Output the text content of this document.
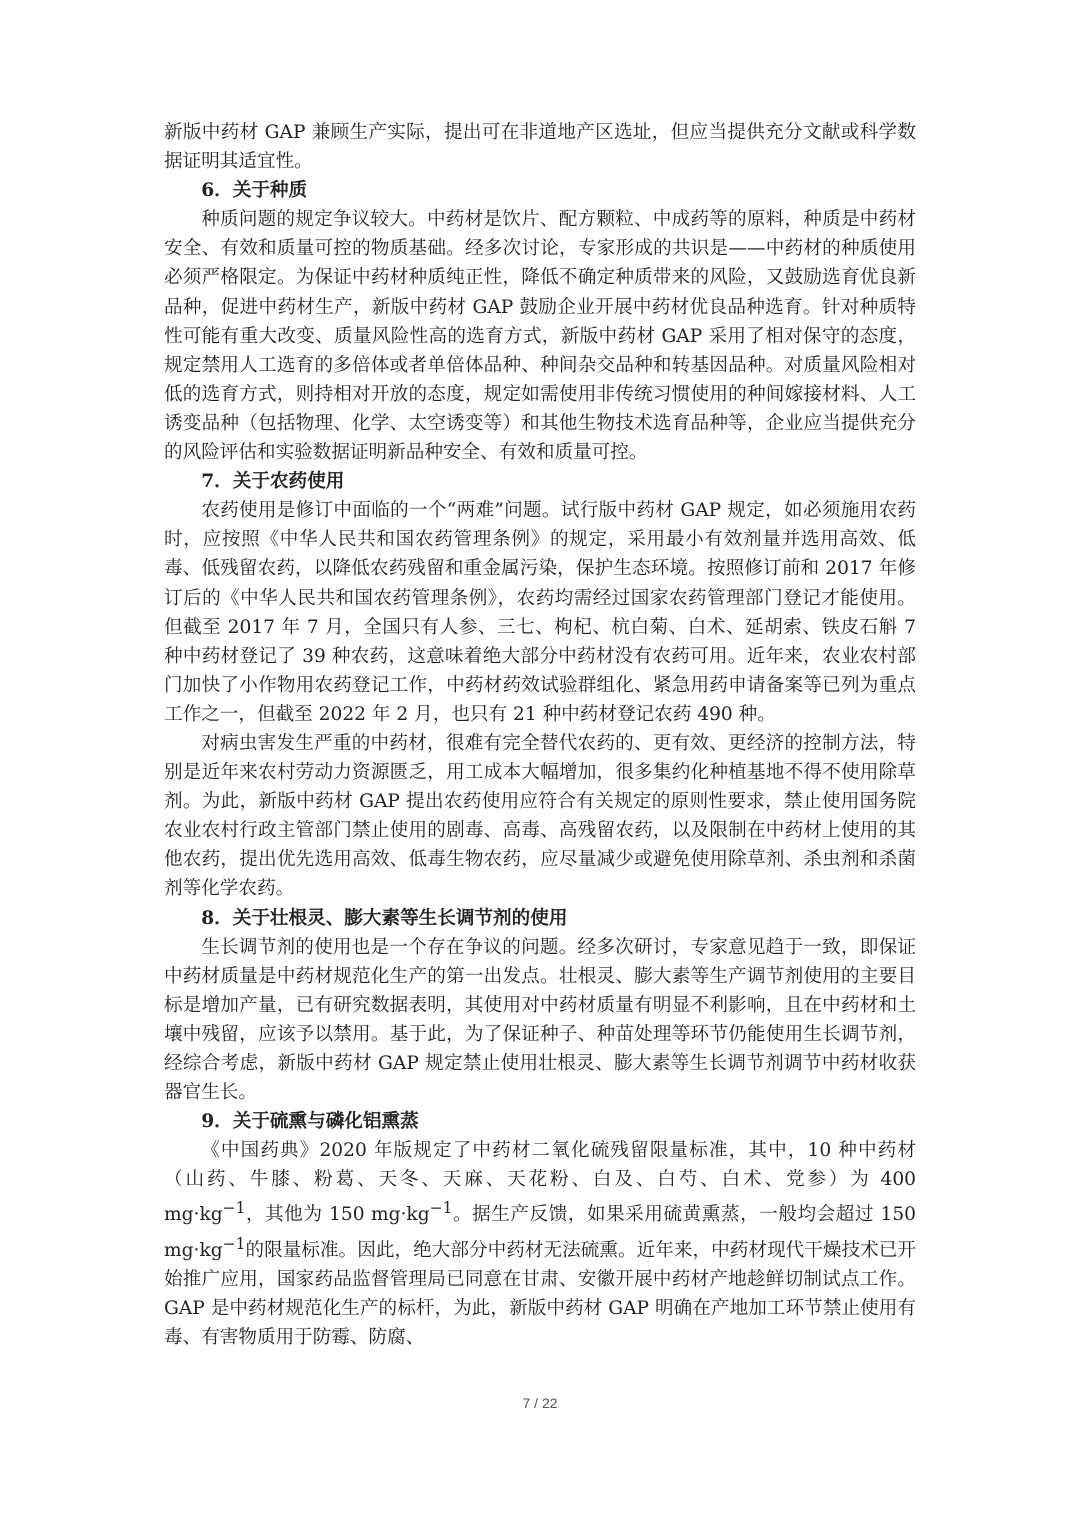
新版中药材 GAP 兼顾生产实际，提出可在非道地产区选址，但应当提供充分文献或科学数据证明其适宜性。

6．关于种质

种质问题的规定争议较大。中药材是饮片、配方颗粒、中成药等的原料，种质是中药材安全、有效和质量可控的物质基础。经多次讨论，专家形成的共识是——中药材的种质使用必须严格限定。为保证中药材种质纯正性，降低不确定种质带来的风险，又鼓励选育优良新品种，促进中药材生产，新版中药材 GAP 鼓励企业开展中药材优良品种选育。针对种质特性可能有重大改变、质量风险性高的选育方式，新版中药材 GAP 采用了相对保守的态度，规定禁用人工选育的多倍体或者单倍体品种、种间杂交品种和转基因品种。对质量风险相对低的选育方式，则持相对开放的态度，规定如需使用非传统习惯使用的种间嫁接材料、人工诱变品种（包括物理、化学、太空诱变等）和其他生物技术选育品种等，企业应当提供充分的风险评估和实验数据证明新品种安全、有效和质量可控。

7．关于农药使用

农药使用是修订中面临的一个“两难”问题。试行版中药材 GAP 规定，如必须施用农药时，应按照《中华人民共和国农药管理条例》的规定，采用最小有效剂量并选用高效、低毒、低残留农药，以降低农药残留和重金属污染，保护生态环境。按照修订前和 2017 年修订后的《中华人民共和国农药管理条例》，农药均需经过国家农药管理部门登记才能使用。但截至 2017 年 7 月，全国只有人参、三七、枸杞、杭白菊、白术、延胡索、铁皮石斛 7 种中药材登记了 39 种农药，这意味着绝大部分中药材没有农药可用。近年来，农业农村部门加快了小作物用农药登记工作，中药材药效试验群组化、紧急用药申请备案等已列为重点工作之一，但截至 2022 年 2 月，也只有 21 种中药材登记农药 490 种。

对病虫害发生严重的中药材，很难有完全替代农药的、更有效、更经济的控制方法，特别是近年来农村劳动力资源匮乏，用工成本大幅增加，很多集约化种植基地不得不使用除草剂。为此，新版中药材 GAP 提出农药使用应符合有关规定的原则性要求，禁止使用国务院农业农村行政主管部门禁止使用的剧毒、高毒、高残留农药，以及限制在中药材上使用的其他农药，提出优先选用高效、低毒生物农药，应尽量减少或避免使用除草剂、杀虫剂和杀菌剂等化学农药。

8．关于壮根灵、膨大素等生长调节剂的使用

生长调节剂的使用也是一个存在争议的问题。经多次研讨，专家意见趋于一致，即保证中药材质量是中药材规范化生产的第一出发点。壮根灵、膨大素等生产调节剂使用的主要目标是增加产量，已有研究数据表明，其使用对中药材质量有明显不利影响，且在中药材和土壤中残留，应该予以禁用。基于此，为了保证种子、种苗处理等环节仍能使用生长调节剂，经综合考虑，新版中药材 GAP 规定禁止使用壮根灵、膨大素等生长调节剂调节中药材收获器官生长。

9．关于硫熏与磷化铝熏蒸

《中国药典》2020 年版规定了中药材二氧化硫残留限量标准，其中，10 种中药材（山药、牛膝、粉葛、天冬、天麻、天花粉、白及、白芍、白术、党参）为 400 $mg\cdot kg^{-1}$，其他为 150 $mg\cdot kg^{-1}$。据生产反馈，如果采用硫黄熏蒸，一般均会超过 150 $mg\cdot kg^{-1}$的限量标准。因此，绝大部分中药材无法硫熏。近年来，中药材现代干燥技术已开始推广应用，国家药品监督管理局已同意在甘肃、安徽开展中药材产地趁鲜切制试点工作。GAP 是中药材规范化生产的标杆，为此，新版中药材 GAP 明确在产地加工环节禁止使用有毒、有害物质用于防霉、防腐、

7 / 22
